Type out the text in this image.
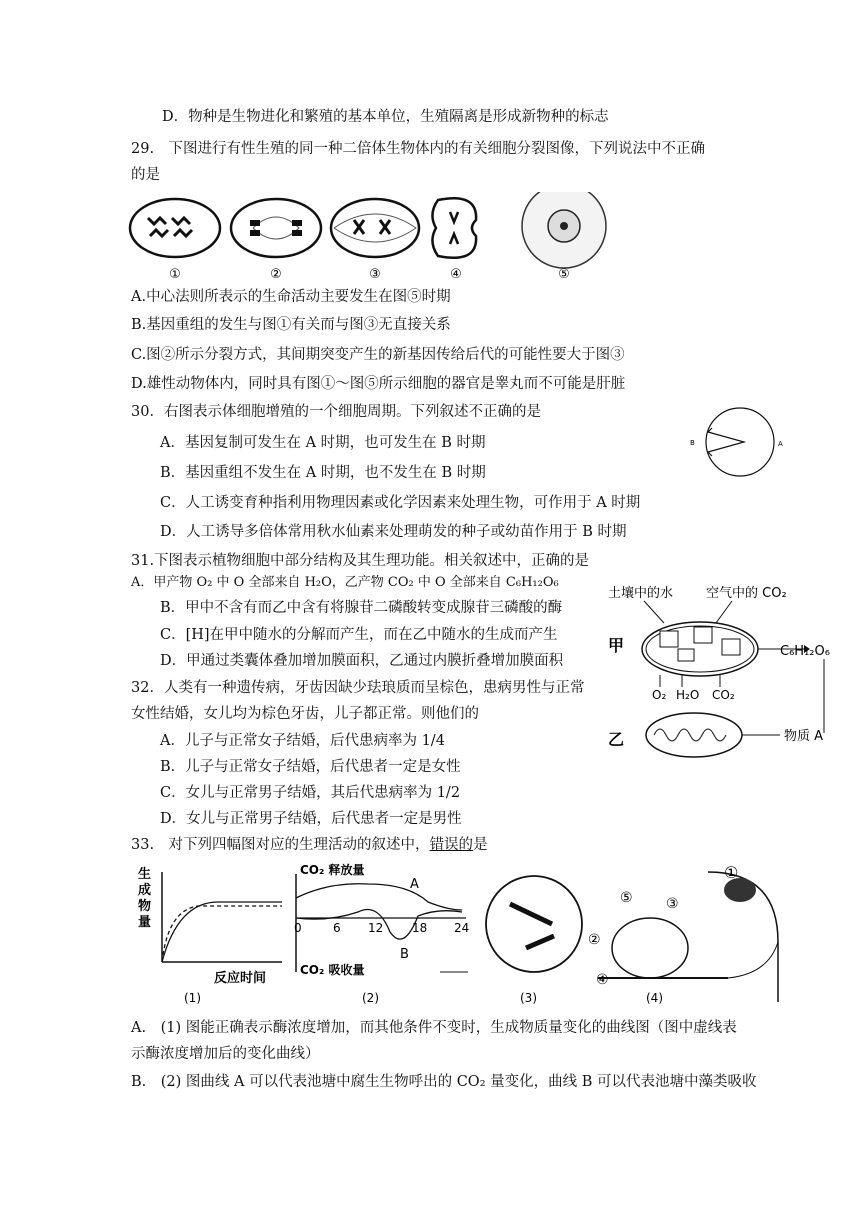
D．物种是生物进化和繁殖的基本单位，生殖隔离是形成新物种的标志
29.　下图进行有性生殖的同一种二倍体生物体内的有关细胞分裂图像，下列说法中不正确
的是
①	②	③	④	⑤
A.中心法则所表示的生命活动主要发生在图⑤时期
B.基因重组的发生与图①有关而与图③无直接关系
C.图②所示分裂方式，其间期突变产生的新基因传给后代的可能性要大于图③
D.雄性动物体内，同时具有图①～图⑤所示细胞的器官是睾丸而不可能是肝脏
30．右图表示体细胞增殖的一个细胞周期。下列叙述不正确的是
B	A
A．基因复制可发生在 A 时期，也可发生在 B 时期
B．基因重组不发生在 A 时期，也不发生在 B 时期
C．人工诱变育种指利用物理因素或化学因素来处理生物，可作用于 A 时期
D．人工诱导多倍体常用秋水仙素来处理萌发的种子或幼苗作用于 B 时期
31.下图表示植物细胞中部分结构及其生理功能。相关叙述中，正确的是
A．甲产物 O₂ 中 O 全部来自 H₂O，乙产物 CO₂ 中 O 全部来自 C₆H₁₂O₆
B．甲中不含有而乙中含有将腺苷二磷酸转变成腺苷三磷酸的酶
C．[H]在甲中随水的分解而产生，而在乙中随水的生成而产生
D．甲通过类囊体叠加增加膜面积，乙通过内膜折叠增加膜面积
土壤中的水	空气中的 CO₂
甲	C₆H₁₂O₆
O₂ H₂O CO₂
乙	物质 A
32．人类有一种遗传病，牙齿因缺少珐琅质而呈棕色，患病男性与正常
女性结婚，女儿均为棕色牙齿，儿子都正常。则他们的
A．儿子与正常女子结婚，后代患病率为 1/4
B．儿子与正常女子结婚，后代患者一定是女性
C．女儿与正常男子结婚，其后代患病率为 1/2
D．女儿与正常男子结婚，后代患者一定是男性
33.　对下列四幅图对应的生理活动的叙述中，错误的是
生成物量
反应时间
(1)
CO₂ 释放量
CO₂ 吸收量
0	6 12 18 24
A
B
(2)	(3)
①
②
③
④
⑤
(4)
A.　(1) 图能正确表示酶浓度增加，而其他条件不变时，生成物质量变化的曲线图（图中虚线表
示酶浓度增加后的变化曲线）
B.　(2) 图曲线 A 可以代表池塘中腐生生物呼出的 CO₂ 量变化，曲线 B 可以代表池塘中藻类吸收
